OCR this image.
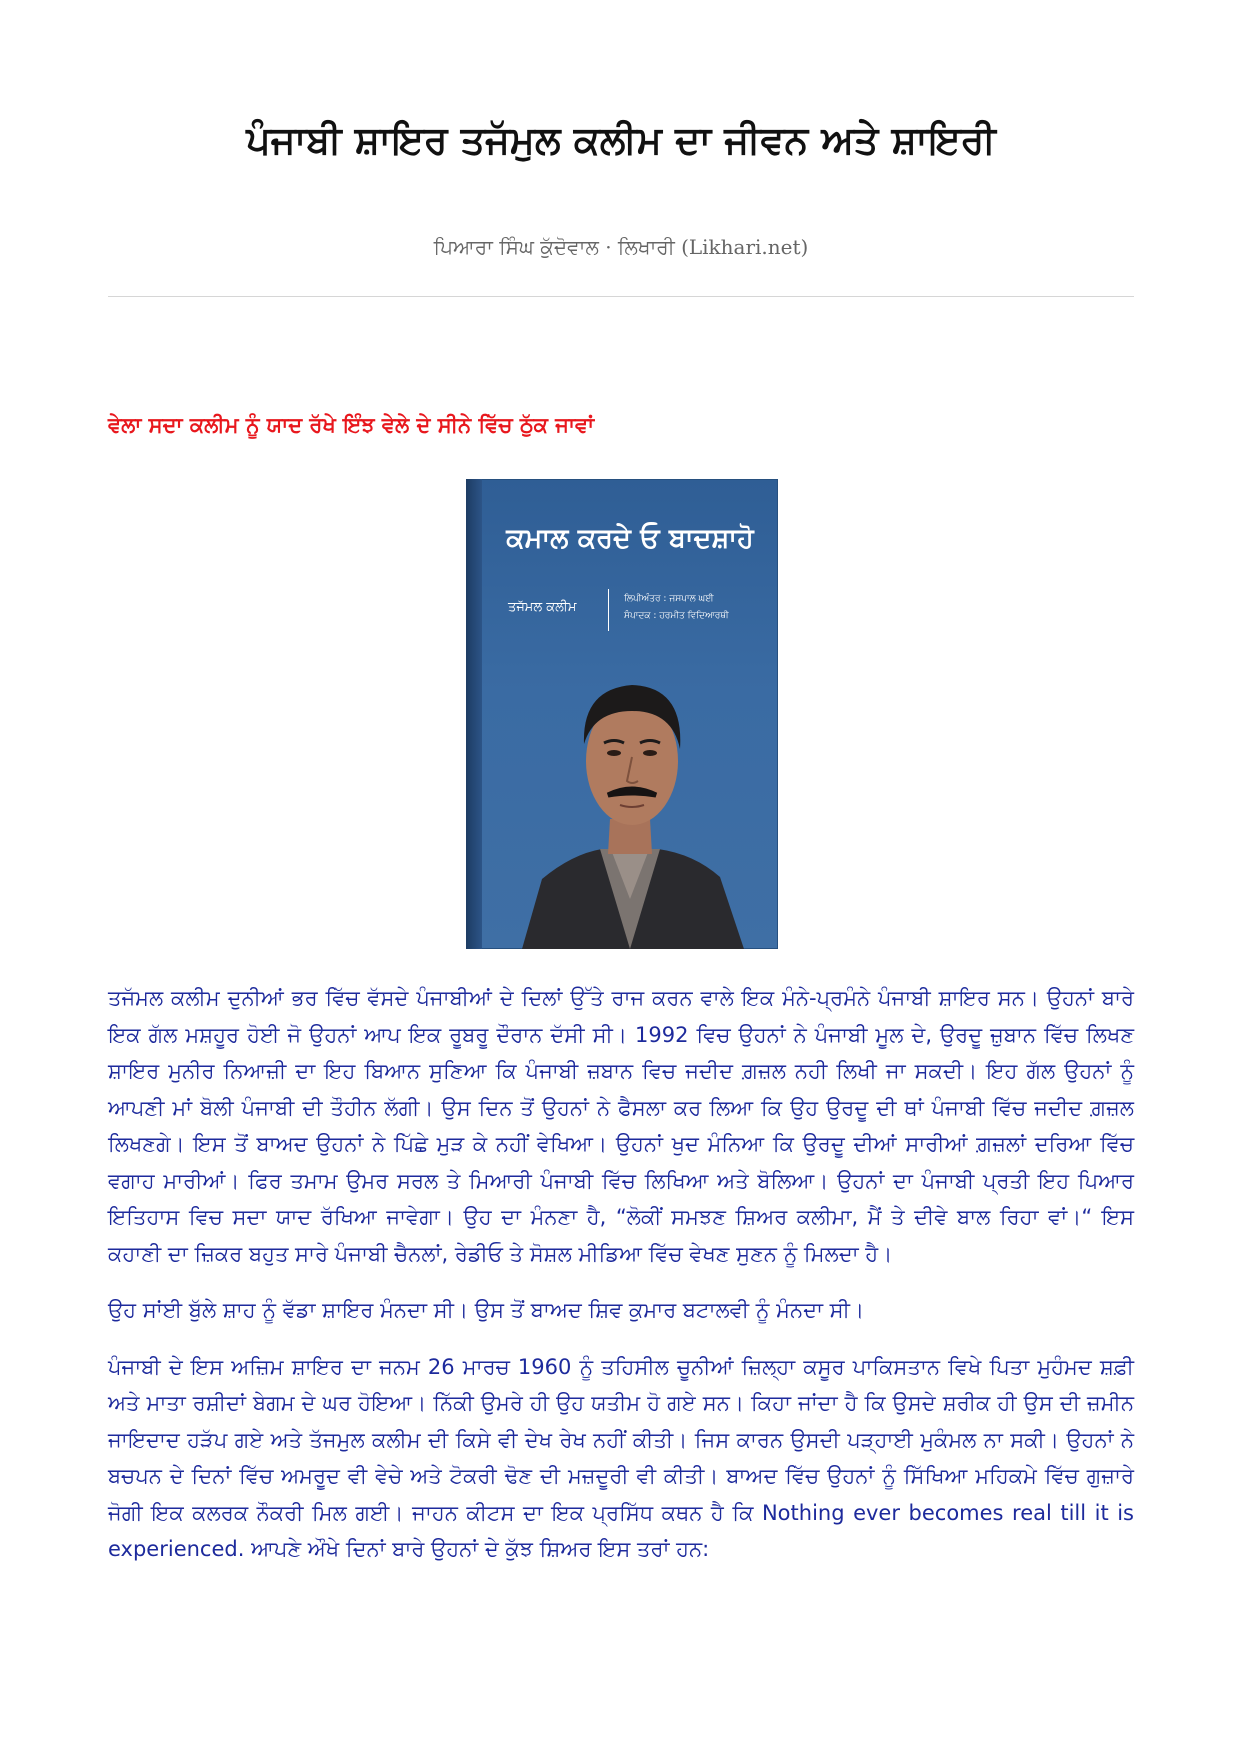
ਪੰਜਾਬੀ ਸ਼ਾਇਰ ਤਜੱਮੁਲ ਕਲੀਮ ਦਾ ਜੀਵਨ ਅਤੇ ਸ਼ਾਇਰੀ
ਪਿਆਰਾ ਸਿੰਘ ਕੁੱਦੋਵਾਲ · ਲਿਖਾਰੀ (Likhari.net)
ਵੇਲਾ ਸਦਾ ਕਲੀਮ ਨੂੰ ਯਾਦ ਰੱਖੇ ਇੰਝ ਵੇਲੇ ਦੇ ਸੀਨੇ ਵਿੱਚ ਠੁੱਕ ਜਾਵਾਂ
ਕਮਾਲ ਕਰਦੇ ਓ ਬਾਦਸ਼ਾਹੋ
ਤਜੱਮਲ ਕਲੀਮ
ਲਿਪੀਅੰਤਰ : ਜਸਪਾਲ ਘਈ
ਸੰਪਾਦਕ : ਹਰਮੀਤ ਵਿਦਿਆਰਥੀ

ਤਜੱਮਲ ਕਲੀਮ ਦੁਨੀਆਂ ਭਰ ਵਿੱਚ ਵੱਸਦੇ ਪੰਜਾਬੀਆਂ ਦੇ ਦਿਲਾਂ ਉੱਤੇ ਰਾਜ ਕਰਨ ਵਾਲੇ ਇਕ ਮੰਨੇ-ਪ੍ਰਮੰਨੇ ਪੰਜਾਬੀ ਸ਼ਾਇਰ ਸਨ। ਉਹਨਾਂ ਬਾਰੇ ਇਕ ਗੱਲ ਮਸ਼ਹੂਰ ਹੋਈ ਜੋ ਉਹਨਾਂ ਆਪ ਇਕ ਰੂਬਰੂ ਦੌਰਾਨ ਦੱਸੀ ਸੀ। 1992 ਵਿਚ ਉਹਨਾਂ ਨੇ ਪੰਜਾਬੀ ਮੂਲ ਦੇ, ਉਰਦੂ ਜ਼ੁਬਾਨ ਵਿੱਚ ਲਿਖਣ ਸ਼ਾਇਰ ਮੁਨੀਰ ਨਿਆਜ਼ੀ ਦਾ ਇਹ ਬਿਆਨ ਸੁਣਿਆ ਕਿ ਪੰਜਾਬੀ ਜ਼ਬਾਨ ਵਿਚ ਜਦੀਦ ਗ਼ਜ਼ਲ ਨਹੀ ਲਿਖੀ ਜਾ ਸਕਦੀ। ਇਹ ਗੱਲ ਉਹਨਾਂ ਨੂੰ ਆਪਣੀ ਮਾਂ ਬੋਲੀ ਪੰਜਾਬੀ ਦੀ ਤੌਹੀਨ ਲੱਗੀ। ਉਸ ਦਿਨ ਤੋਂ ਉਹਨਾਂ ਨੇ ਫੈਸਲਾ ਕਰ ਲਿਆ ਕਿ ਉਹ ਉਰਦੂ ਦੀ ਥਾਂ ਪੰਜਾਬੀ ਵਿੱਚ ਜਦੀਦ ਗ਼ਜ਼ਲ ਲਿਖਣਗੇ। ਇਸ ਤੋਂ ਬਾਅਦ ਉਹਨਾਂ ਨੇ ਪਿੱਛੇ ਮੁੜ ਕੇ ਨਹੀਂ ਵੇਖਿਆ। ਉਹਨਾਂ ਖੁਦ ਮੰਨਿਆ ਕਿ ਉਰਦੂ ਦੀਆਂ ਸਾਰੀਆਂ ਗ਼ਜ਼ਲਾਂ ਦਰਿਆ ਵਿੱਚ ਵਗਾਹ ਮਾਰੀਆਂ। ਫਿਰ ਤਮਾਮ ਉਮਰ ਸਰਲ ਤੇ ਮਿਆਰੀ ਪੰਜਾਬੀ ਵਿੱਚ ਲਿਖਿਆ ਅਤੇ ਬੋਲਿਆ। ਉਹਨਾਂ ਦਾ ਪੰਜਾਬੀ ਪ੍ਰਤੀ ਇਹ ਪਿਆਰ ਇਤਿਹਾਸ ਵਿਚ ਸਦਾ ਯਾਦ ਰੱਖਿਆ ਜਾਵੇਗਾ। ਉਹ ਦਾ ਮੰਨਣਾ ਹੈ, “ਲੋਕੀਂ ਸਮਝਣ ਸ਼ਿਅਰ ਕਲੀਮਾ, ਮੈਂ ਤੇ ਦੀਵੇ ਬਾਲ ਰਿਹਾ ਵਾਂ।“ ਇਸ ਕਹਾਣੀ ਦਾ ਜ਼ਿਕਰ ਬਹੁਤ ਸਾਰੇ ਪੰਜਾਬੀ ਚੈਨਲਾਂ, ਰੇਡੀਓ ਤੇ ਸੋਸ਼ਲ ਮੀਡਿਆ ਵਿੱਚ ਵੇਖਣ ਸੁਣਨ ਨੂੰ ਮਿਲਦਾ ਹੈ।

ਉਹ ਸਾਂਈ ਬੁੱਲੇ ਸ਼ਾਹ ਨੂੰ ਵੱਡਾ ਸ਼ਾਇਰ ਮੰਨਦਾ ਸੀ। ਉਸ ਤੋਂ ਬਾਅਦ ਸ਼ਿਵ ਕੁਮਾਰ ਬਟਾਲਵੀ ਨੂੰ ਮੰਨਦਾ ਸੀ।

ਪੰਜਾਬੀ ਦੇ ਇਸ ਅਜ਼ਿਮ ਸ਼ਾਇਰ ਦਾ ਜਨਮ 26 ਮਾਰਚ 1960 ਨੂੰ ਤਹਿਸੀਲ ਚੂਨੀਆਂ ਜ਼ਿਲ੍ਹਾ ਕਸੂਰ ਪਾਕਿਸਤਾਨ ਵਿਖੇ ਪਿਤਾ ਮੁਹੰਮਦ ਸ਼ਫ਼ੀ ਅਤੇ ਮਾਤਾ ਰਸ਼ੀਦਾਂ ਬੇਗਮ ਦੇ ਘਰ ਹੋਇਆ। ਨਿੱਕੀ ਉਮਰੇ ਹੀ ਉਹ ਯਤੀਮ ਹੋ ਗਏ ਸਨ। ਕਿਹਾ ਜਾਂਦਾ ਹੈ ਕਿ ਉਸਦੇ ਸ਼ਰੀਕ ਹੀ ਉਸ ਦੀ ਜ਼ਮੀਨ ਜਾਇਦਾਦ ਹੜੱਪ ਗਏ ਅਤੇ ਤੱਜਮੁਲ ਕਲੀਮ ਦੀ ਕਿਸੇ ਵੀ ਦੇਖ ਰੇਖ ਨਹੀਂ ਕੀਤੀ। ਜਿਸ ਕਾਰਨ ਉਸਦੀ ਪੜ੍ਹਾਈ ਮੁਕੰਮਲ ਨਾ ਸਕੀ। ਉਹਨਾਂ ਨੇ ਬਚਪਨ ਦੇ ਦਿਨਾਂ ਵਿੱਚ ਅਮਰੂਦ ਵੀ ਵੇਚੇ ਅਤੇ ਟੋਕਰੀ ਢੋਣ ਦੀ ਮਜ਼ਦੂਰੀ ਵੀ ਕੀਤੀ। ਬਾਅਦ ਵਿੱਚ ਉਹਨਾਂ ਨੂੰ ਸਿੱਖਿਆ ਮਹਿਕਮੇ ਵਿੱਚ ਗੁਜ਼ਾਰੇ ਜੋਗੀ ਇਕ ਕਲਰਕ ਨੌਕਰੀ ਮਿਲ ਗਈ। ਜਾਹਨ ਕੀਟਸ ਦਾ ਇਕ ਪ੍ਰਸਿੱਧ ਕਥਨ ਹੈ ਕਿ Nothing ever becomes real till it is experienced. ਆਪਣੇ ਔਖੇ ਦਿਨਾਂ ਬਾਰੇ ਉਹਨਾਂ ਦੇ ਕੁੱਝ ਸ਼ਿਅਰ ਇਸ ਤਰਾਂ ਹਨ:
